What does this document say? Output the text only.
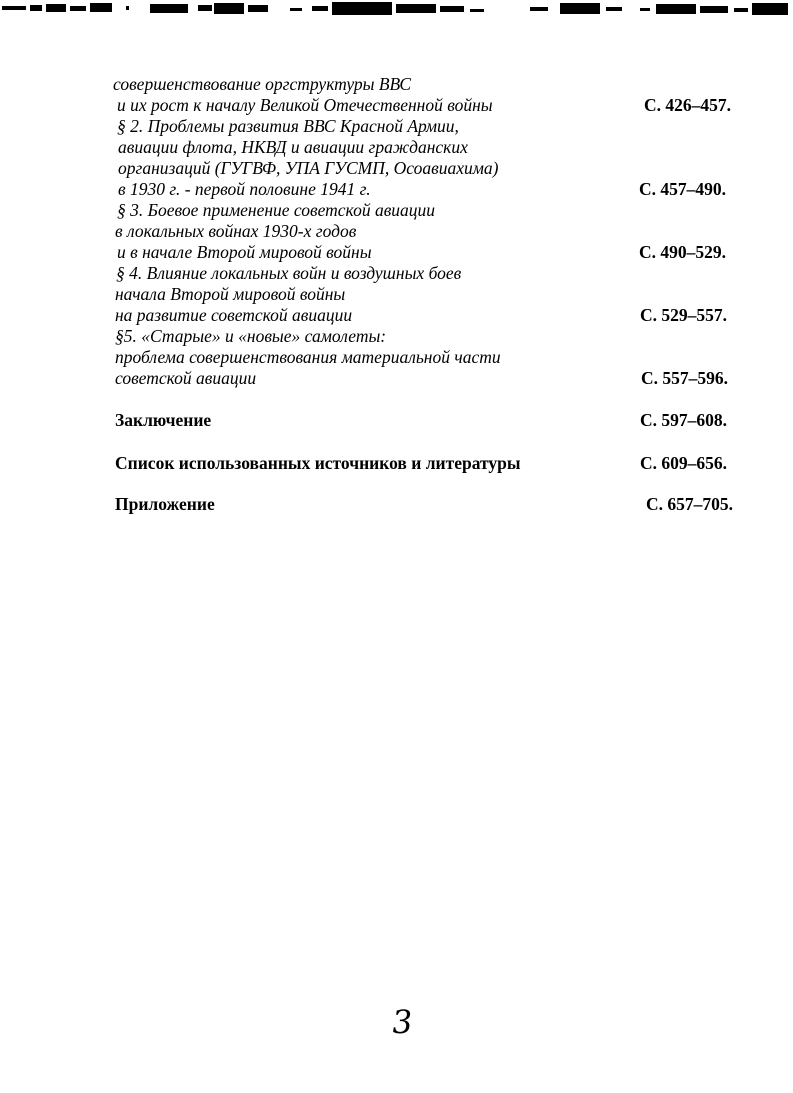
совершенствование оргструктуры ВВС
и их рост к началу Великой Отечественной войны	С. 426–457.
§ 2. Проблемы развития ВВС Красной Армии,
авиации флота, НКВД и авиации гражданских
организаций (ГУГВФ, УПА ГУСМП, Осоавиахима)
в 1930 г. - первой половине 1941 г.	С. 457–490.
§ 3. Боевое применение советской авиации
в локальных войнах 1930-х годов
и в начале Второй мировой войны	С. 490–529.
§ 4. Влияние локальных войн и воздушных боев
начала Второй мировой войны
на развитие советской авиации	С. 529–557.
§5. «Старые» и «новые» самолеты:
проблема совершенствования материальной части
советской авиации	С. 557–596.
Заключение	С. 597–608.
Список использованных источников и литературы	С. 609–656.
Приложение	С. 657–705.
3
